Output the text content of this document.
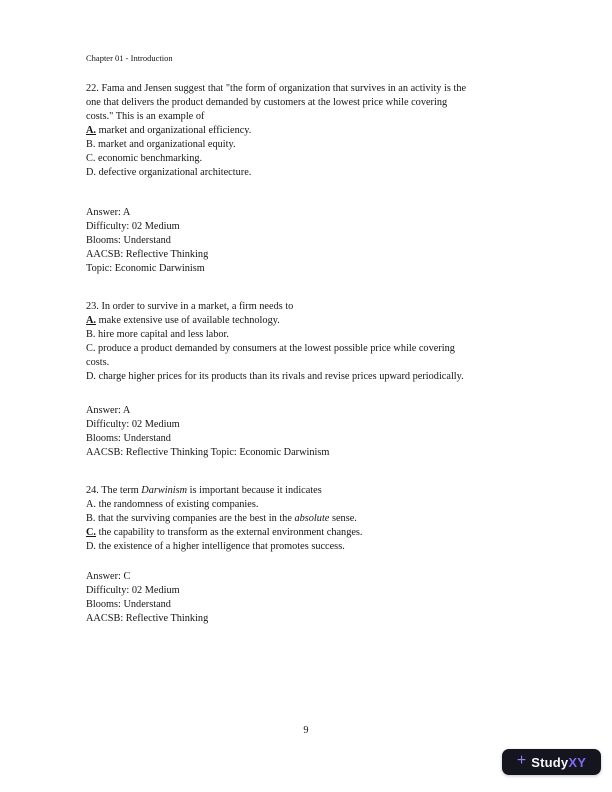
Chapter 01 - Introduction
22. Fama and Jensen suggest that "the form of organization that survives in an activity is the
one that delivers the product demanded by customers at the lowest price while covering
costs." This is an example of
A. market and organizational efficiency.
B. market and organizational equity.
C. economic benchmarking.
D. defective organizational architecture.
Answer: A
Difficulty: 02 Medium
Blooms: Understand
AACSB: Reflective Thinking
Topic: Economic Darwinism
23. In order to survive in a market, a firm needs to
A. make extensive use of available technology.
B. hire more capital and less labor.
C. produce a product demanded by consumers at the lowest possible price while covering
costs.
D. charge higher prices for its products than its rivals and revise prices upward periodically.
Answer: A
Difficulty: 02 Medium
Blooms: Understand
AACSB: Reflective Thinking Topic: Economic Darwinism
24. The term Darwinism is important because it indicates
A. the randomness of existing companies.
B. that the surviving companies are the best in the absolute sense.
C. the capability to transform as the external environment changes.
D. the existence of a higher intelligence that promotes success.
Answer: C
Difficulty: 02 Medium
Blooms: Understand
AACSB: Reflective Thinking
9
+ Study XY
